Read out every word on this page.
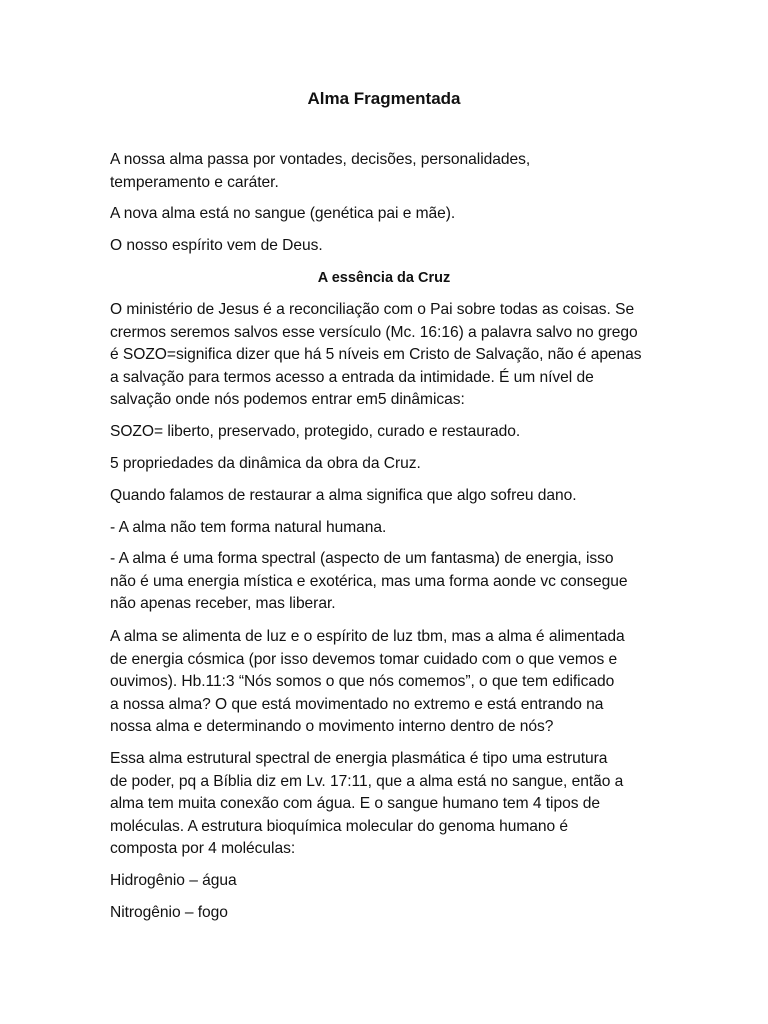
Alma Fragmentada
A nossa alma passa por vontades, decisões, personalidades,
temperamento e caráter.
A nova alma está no sangue (genética pai e mãe).
O nosso espírito vem de Deus.
A essência da Cruz
O ministério de Jesus é a reconciliação com o Pai sobre todas as coisas. Se
crermos seremos salvos esse versículo (Mc. 16:16) a palavra salvo no grego
é SOZO=significa dizer que há 5 níveis em Cristo de Salvação, não é apenas
a salvação para termos acesso a entrada da intimidade. É um nível de
salvação onde nós podemos entrar em5 dinâmicas:
SOZO= liberto, preservado, protegido, curado e restaurado.
5 propriedades da dinâmica da obra da Cruz.
Quando falamos de restaurar a alma significa que algo sofreu dano.
- A alma não tem forma natural humana.
- A alma é uma forma spectral (aspecto de um fantasma) de energia, isso
não é uma energia mística e exotérica, mas uma forma aonde vc consegue
não apenas receber, mas liberar.
A alma se alimenta de luz e o espírito de luz tbm, mas a alma é alimentada
de energia cósmica (por isso devemos tomar cuidado com o que vemos e
ouvimos). Hb.11:3 “Nós somos o que nós comemos”, o que tem edificado
a nossa alma? O que está movimentado no extremo e está entrando na
nossa alma e determinando o movimento interno dentro de nós?
Essa alma estrutural spectral de energia plasmática é tipo uma estrutura
de poder, pq a Bíblia diz em Lv. 17:11, que a alma está no sangue, então a
alma tem muita conexão com água. E o sangue humano tem 4 tipos de
moléculas. A estrutura bioquímica molecular do genoma humano é
composta por 4 moléculas:
Hidrogênio – água
Nitrogênio – fogo
